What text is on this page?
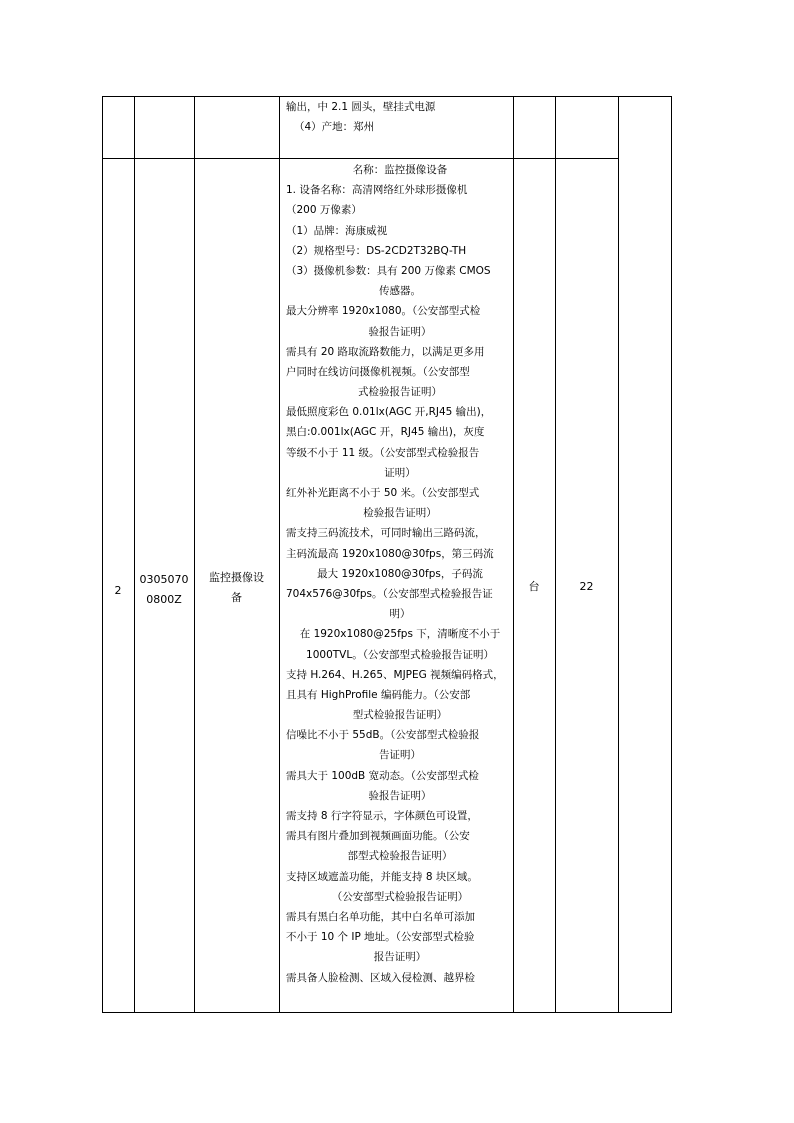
输出，中 2.1 圆头，壁挂式电源
（4）产地：郑州
2
0305070
0800Z
监控摄像设
备
台	22
名称：监控摄像设备
1. 设备名称：高清网络红外球形摄像机
（200 万像素）
（1）品牌：海康威视
（2）规格型号：DS-2CD2T32BQ-TH
（3）摄像机参数：具有 200 万像素 CMOS
传感器。
最大分辨率 1920x1080。（公安部型式检
验报告证明）
需具有 20 路取流路数能力，以满足更多用
户同时在线访问摄像机视频。（公安部型
式检验报告证明）
最低照度彩色 0.01lx(AGC 开,RJ45 输出)，
黑白:0.001lx(AGC 开，RJ45 输出)，灰度
等级不小于 11 级。（公安部型式检验报告
证明）
红外补光距离不小于 50 米。（公安部型式
检验报告证明）
需支持三码流技术，可同时输出三路码流，
主码流最高 1920x1080@30fps，第三码流
最大 1920x1080@30fps，子码流
704x576@30fps。（公安部型式检验报告证
明）
在 1920x1080@25fps 下，清晰度不小于
1000TVL。（公安部型式检验报告证明）
支持 H.264、H.265、MJPEG 视频编码格式，
且具有 HighProfile 编码能力。（公安部
型式检验报告证明）
信噪比不小于 55dB。（公安部型式检验报
告证明）
需具大于 100dB 宽动态。（公安部型式检
验报告证明）
需支持 8 行字符显示，字体颜色可设置，
需具有图片叠加到视频画面功能。（公安
部型式检验报告证明）
支持区域遮盖功能，并能支持 8 块区域。
（公安部型式检验报告证明）
需具有黑白名单功能，其中白名单可添加
不小于 10 个 IP 地址。（公安部型式检验
报告证明）
需具备人脸检测、区域入侵检测、越界检
